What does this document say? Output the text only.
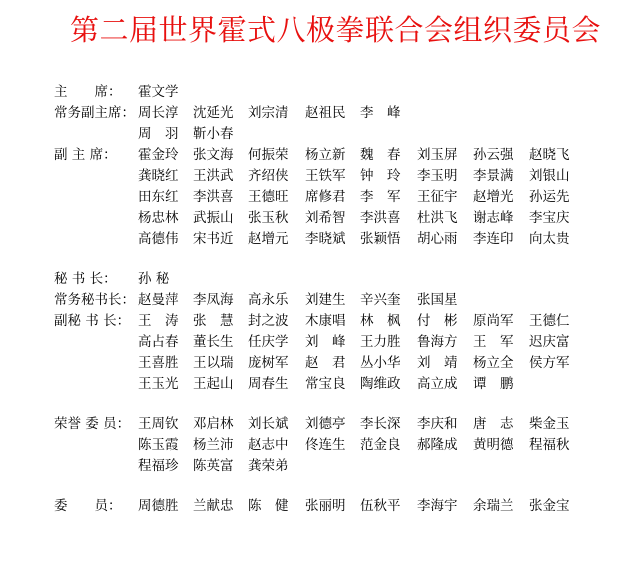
第二届世界霍式八极拳联合会组织委员会
主　　席：	霍文学
常务副主席： 周长淳	沈延光	刘宗清	赵祖民	李　峰
周　羽	靳小春
副 主 席：	霍金玲	张文海	何振荣	杨立新	魏　春	刘玉屏	孙云强	赵晓飞
龚晓红	王洪武	齐绍侠	王铁军	钟　玲	李玉明	李景满	刘银山
田东红	李洪喜	王德旺	席修君	李　军	王征宇	赵增光	孙运先
杨忠林	武振山	张玉秋	刘希智	李洪喜	杜洪飞	谢志峰	李宝庆
高德伟	宋书近	赵增元	李晓斌	张颖悟	胡心雨	李连印	向太贵
秘 书 长：	孙 秘
常务秘书长： 赵曼萍	李凤海	高永乐	刘建生	辛兴奎	张国星
副秘 书 长： 王　涛	张　慧	封之波	木康唱	林　枫	付　彬	原尚军	王德仁
高占春	董长生	任庆学	刘　峰	王力胜	鲁海方	王　军	迟庆富
王喜胜	王以瑞	庞树军	赵　君	丛小华	刘　靖	杨立全	侯方军
王玉光	王起山	周春生	常宝良	陶维政	高立成	谭　鹏
荣誉 委 员： 王周钦	邓启林	刘长斌	刘德亭	李长深	李庆和	唐　志	柴金玉
陈玉霞	杨兰沛	赵志中	佟连生	范金良	郝隆成	黄明德	程福秋
程福珍	陈英富	龚荣弟
委　　员：	周德胜	兰献忠	陈　健	张丽明	伍秋平	李海宇	余瑞兰	张金宝
